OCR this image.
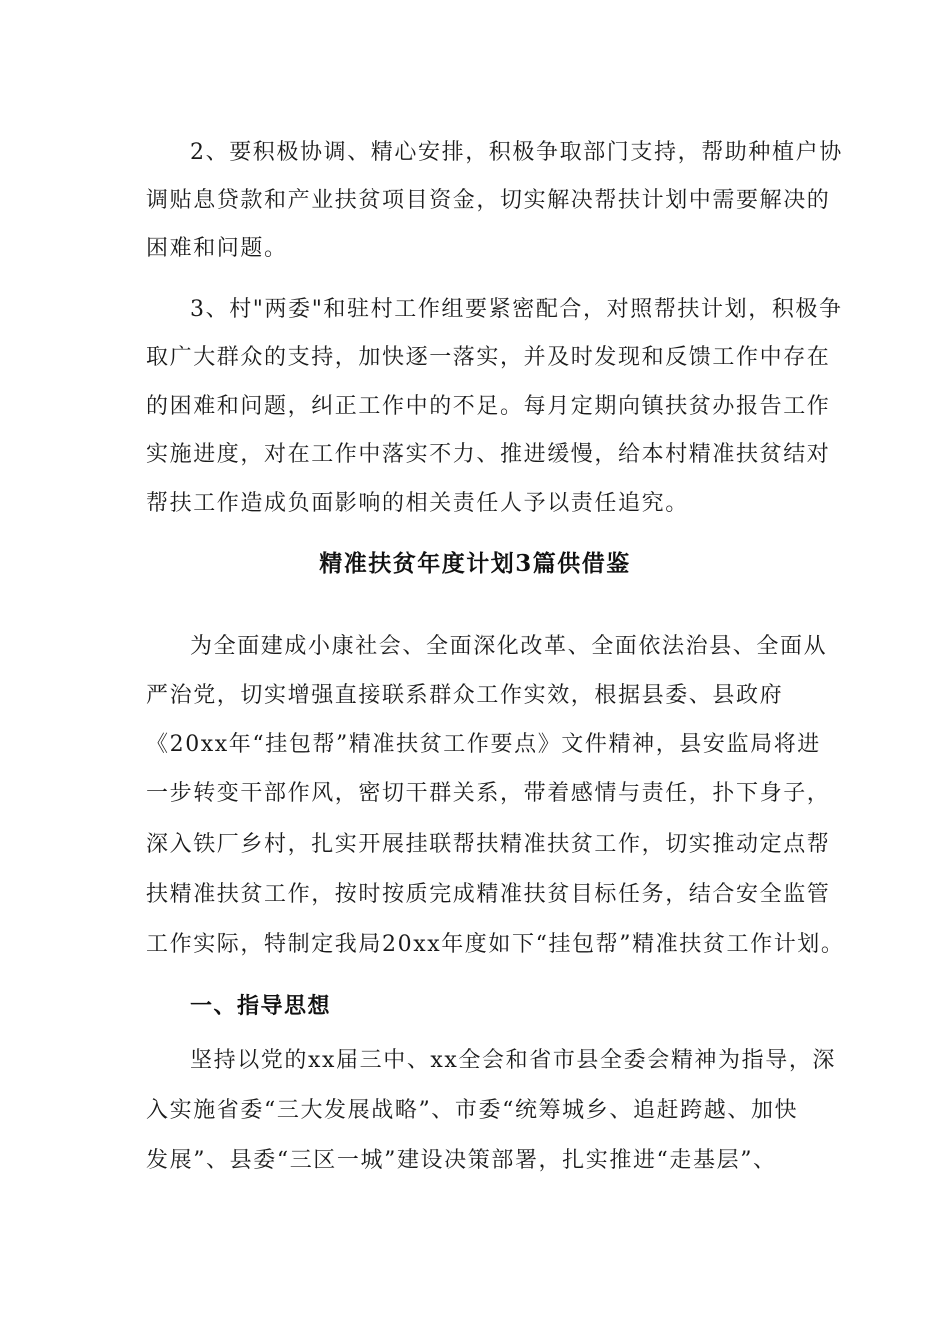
2、要积极协调、精心安排，积极争取部门支持，帮助种植户协
调贴息贷款和产业扶贫项目资金，切实解决帮扶计划中需要解决的
困难和问题。
3、村"两委"和驻村工作组要紧密配合，对照帮扶计划，积极争
取广大群众的支持，加快逐一落实，并及时发现和反馈工作中存在
的困难和问题，纠正工作中的不足。每月定期向镇扶贫办报告工作
实施进度，对在工作中落实不力、推进缓慢，给本村精准扶贫结对
帮扶工作造成负面影响的相关责任人予以责任追究。
精准扶贫年度计划3篇供借鉴
为全面建成小康社会、全面深化改革、全面依法治县、全面从
严治党，切实增强直接联系群众工作实效，根据县委、县政府
《20xx年“挂包帮”精准扶贫工作要点》文件精神，县安监局将进
一步转变干部作风，密切干群关系，带着感情与责任，扑下身子，
深入铁厂乡村，扎实开展挂联帮扶精准扶贫工作，切实推动定点帮
扶精准扶贫工作，按时按质完成精准扶贫目标任务，结合安全监管
工作实际，特制定我局20xx年度如下“挂包帮”精准扶贫工作计划。
一、指导思想
坚持以党的xx届三中、xx全会和省市县全委会精神为指导，深
入实施省委“三大发展战略”、市委“统筹城乡、追赶跨越、加快
发展”、县委“三区一城”建设决策部署，扎实推进“走基层”、
